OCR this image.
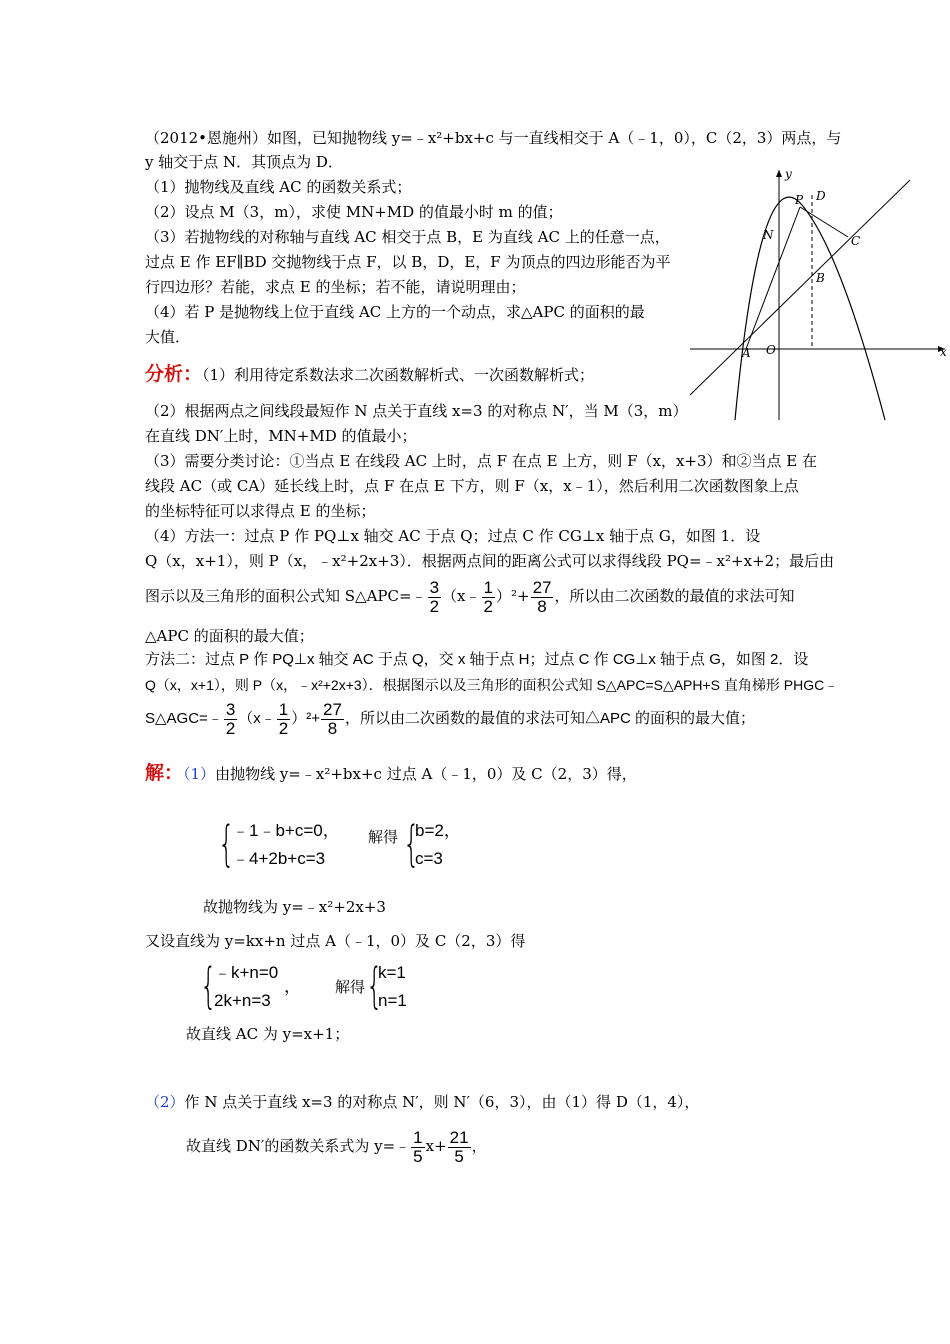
（2012•恩施州）如图，已知抛物线 y=﹣x²+bx+c 与一直线相交于 A（﹣1，0），C（2，3）两点，与
y 轴交于点 N．其顶点为 D．
（1）抛物线及直线 AC 的函数关系式；
（2）设点 M（3，m），求使 MN+MD 的值最小时 m 的值；
（3）若抛物线的对称轴与直线 AC 相交于点 B，E 为直线 AC 上的任意一点，
过点 E 作 EF∥BD 交抛物线于点 F，以 B，D，E，F 为顶点的四边形能否为平
行四边形？若能，求点 E 的坐标；若不能，请说明理由；
（4）若 P 是抛物线上位于直线 AC 上方的一个动点，求△APC 的面积的最
大值．
y
P D
N	C
B
A O	x
分析：（1）利用待定系数法求二次函数解析式、一次函数解析式；
（2）根据两点之间线段最短作 N 点关于直线 x=3 的对称点 N′，当 M（3，m）
在直线 DN′上时，MN+MD 的值最小；
（3）需要分类讨论：①当点 E 在线段 AC 上时，点 F 在点 E 上方，则 F（x，x+3）和②当点 E 在
线段 AC（或 CA）延长线上时，点 F 在点 E 下方，则 F（x，x﹣1），然后利用二次函数图象上点
的坐标特征可以求得点 E 的坐标；
（4）方法一：过点 P 作 PQ⊥x 轴交 AC 于点 Q；过点 C 作 CG⊥x 轴于点 G，如图 1．设
Q（x，x+1），则 P（x，﹣x²+2x+3）．根据两点间的距离公式可以求得线段 PQ=﹣x²+x+2；最后由
图示以及三角形的面积公式知 S△APC=﹣ $\frac{3}{2}$ （x﹣ $\frac{1}{2} )^2+ \frac{27}{8}$ ，所以由二次函数的最值的求法可知
△APC 的面积的最大值；
方法二：过点 P 作 PQ⊥x 轴交 AC 于点 Q，交 x 轴于点 H；过点 C 作 CG⊥x 轴于点 G，如图 2．设
Q（x，x+1），则 P（x，﹣x²+2x+3）．根据图示以及三角形的面积公式知 S△APC=S△APH+S 直角梯形 PHGC﹣
S△AGC=﹣ $\frac{3}{2}$ （x﹣ $\frac{1}{2} )^2+ \frac{27}{8}$ ，所以由二次函数的最值的求法可知△APC 的面积的最大值；
解：（1）由抛物线 y=﹣x²+bx+c 过点 A（﹣1，0）及 C（2，3）得，
{
﹣1﹣b+c=0，
﹣4+2b+c=3
解得 {
b=2，
c=3
故抛物线为 y=﹣x²+2x+3
又设直线为 y=kx+n 过点 A（﹣1，0）及 C（2，3）得
{
﹣k+n=0
2k+n=3
， 解得 {
k=1
n=1
故直线 AC 为 y=x+1；
（2）作 N 点关于直线 x=3 的对称点 N′，则 N′（6，3），由（1）得 D（1，4），
故直线 DN′的函数关系式为 y=﹣ $\frac{1}{5} x+ \frac{21}{5}$ ，
